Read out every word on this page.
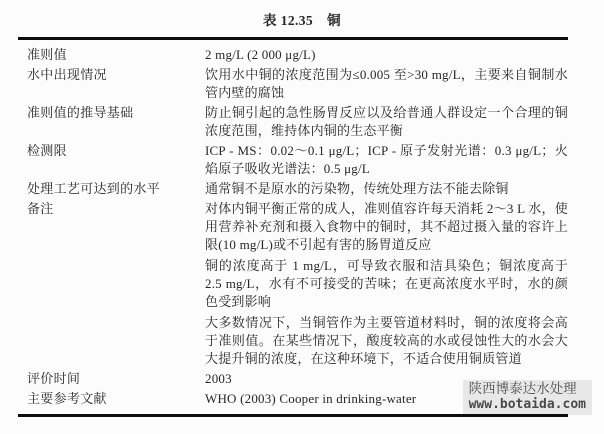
陕西博泰达水处理
www.botaida.com
表 12.35 铜
准则值	2 mg/L (2 000 μg/L)
水中出现情况	饮用水中铜的浓度范围为≤0.005 至>30 mg/L，主要来自铜制水管内壁的腐蚀

准则值的推导基础	防止铜引起的急性肠胃反应以及给普通人群设定一个合理的铜浓度范围，维持体内铜的生态平衡

检测限	ICP - MS：0.02～0.1 μg/L；ICP - 原子发射光谱：0.3 μg/L；火焰原子吸收光谱法：0.5 μg/L

处理工艺可达到的水平	通常铜不是原水的污染物，传统处理方法不能去除铜
备注	对体内铜平衡正常的成人，准则值容许每天消耗 2～3 L 水，使用营养补充剂和摄入食物中的铜时，其不超过摄入量的容许上限(10 mg/L)或不引起有害的肠胃道反应

铜的浓度高于 1 mg/L，可导致衣服和洁具染色；铜浓度高于 2.5 mg/L，水有不可接受的苦味；在更高浓度水平时，水的颜色受到影响

大多数情况下，当铜管作为主要管道材料时，铜的浓度将会高于准则值。在某些情况下，酸度较高的水或侵蚀性大的水会大大提升铜的浓度，在这种环境下，不适合使用铜质管道

评价时间	2003
主要参考文献	WHO (2003) Cooper in drinking-water
